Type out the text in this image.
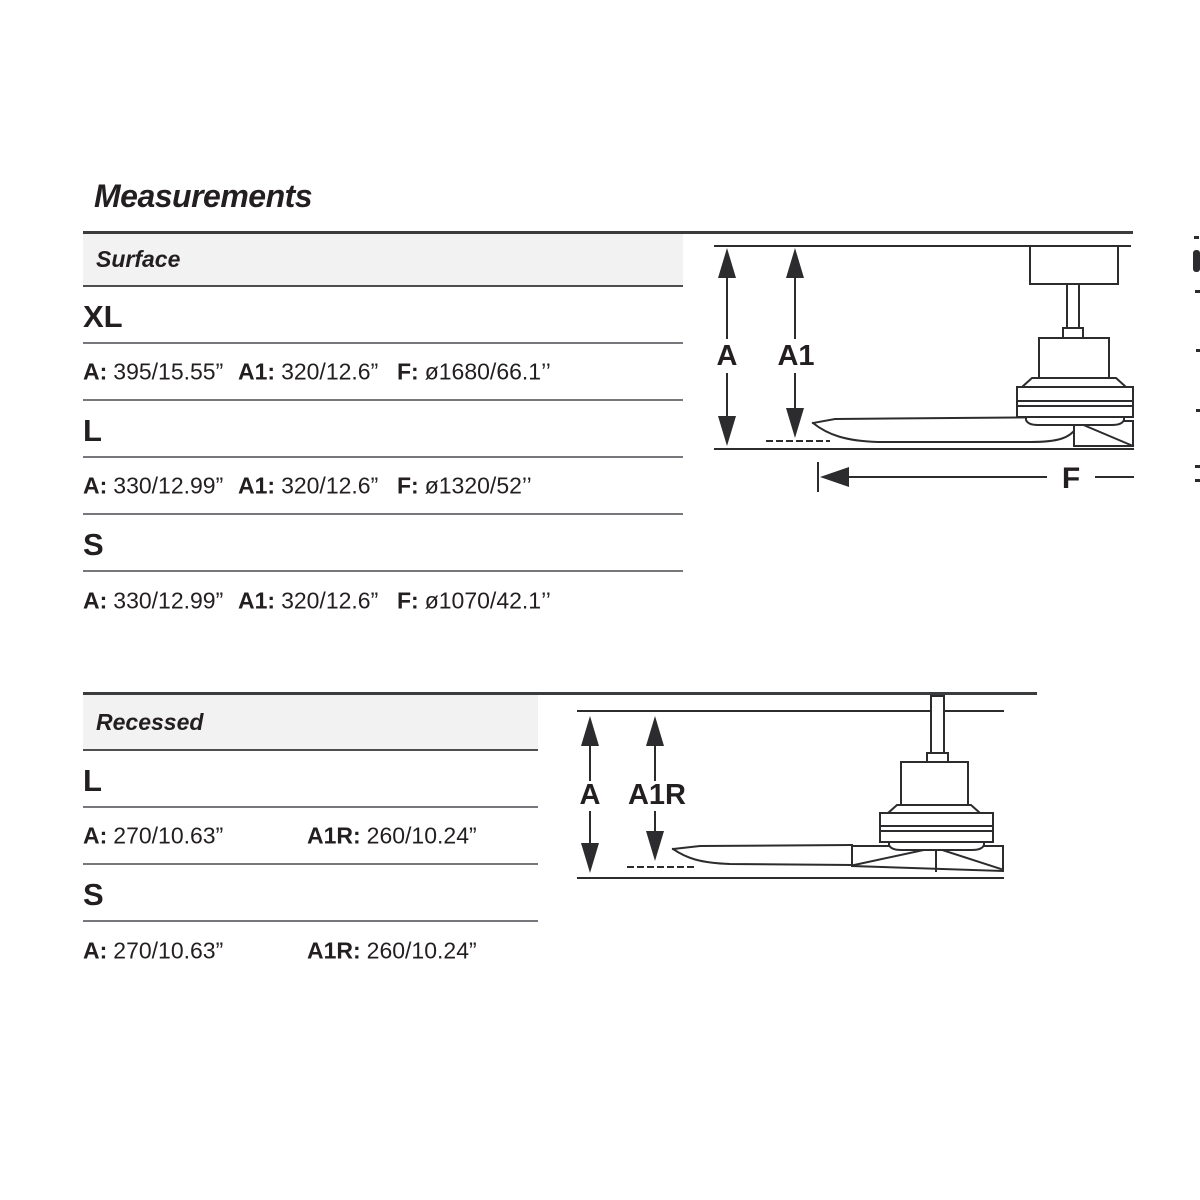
Measurements
Surface
XL
A: 395/15.55” A1: 320/12.6” F: ø1680/66.1’’
L
A: 330/12.99” A1: 320/12.6” F: ø1320/52’’
S
A: 330/12.99” A1: 320/12.6” F: ø1070/42.1’’
Recessed
L
A: 270/10.63”	A1R: 260/10.24”
S
A: 270/10.63”	A1R: 260/10.24”
A A1
F
A A1R
